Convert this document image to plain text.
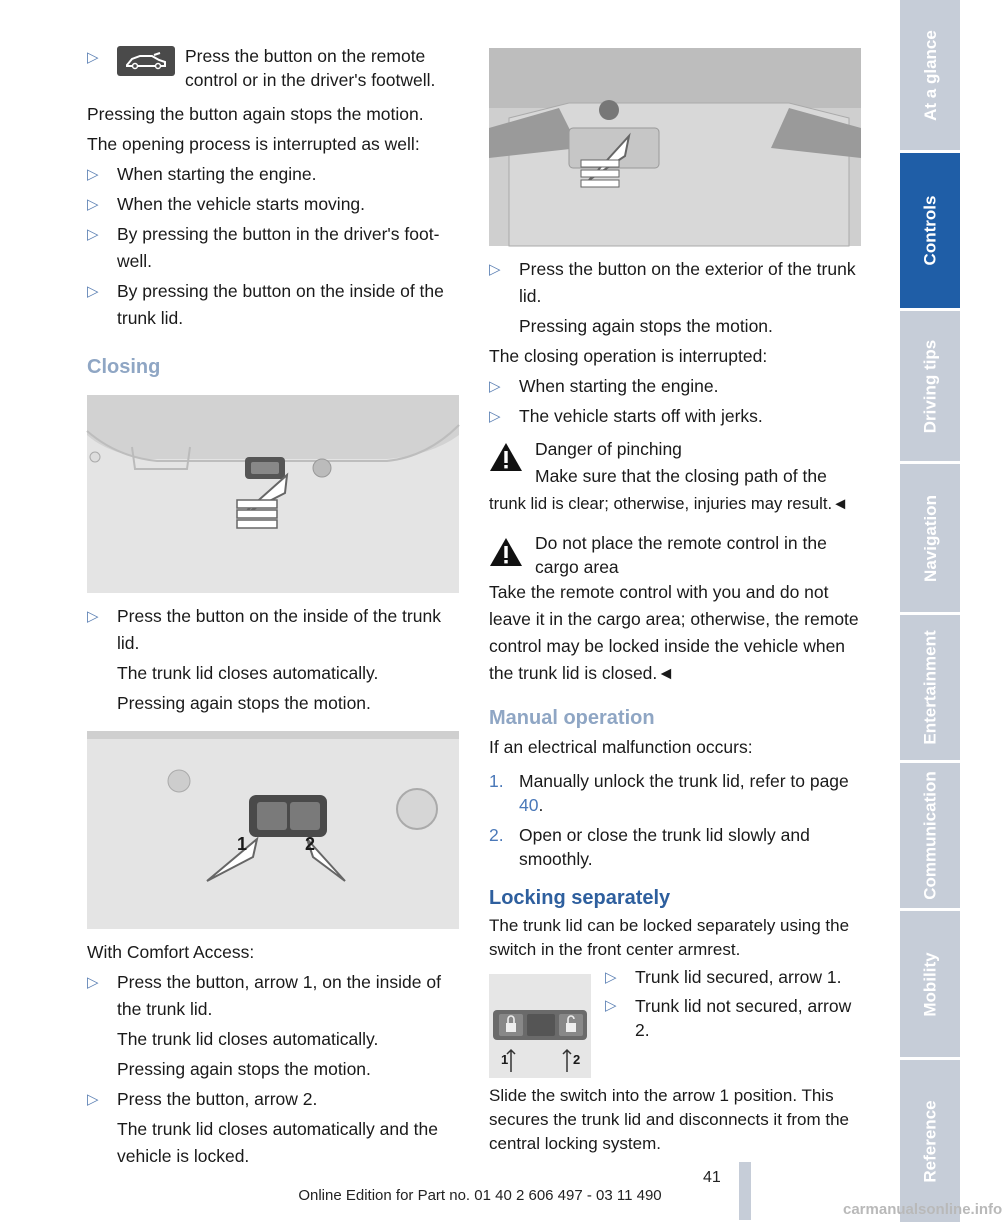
▷	Press the button on the remote control or in the driver's footwell.

Pressing the button again stops the motion.

The opening process is interrupted as well:

▷ When starting the engine.
▷ When the vehicle starts moving.
▷ By pressing the button in the driver's footwell.
▷ By pressing the button on the inside of the trunk lid.
Closing
▷ Press the button on the inside of the trunk lid.
The trunk lid closes automatically.
Pressing again stops the motion.
1	2

With Comfort Access:

▷ Press the button, arrow 1, on the inside of the trunk lid.
The trunk lid closes automatically.
Pressing again stops the motion.
▷ Press the button, arrow 2.
The trunk lid closes automatically and the vehicle is locked.
▷ Press the button on the exterior of the trunk lid.
Pressing again stops the motion.

The closing operation is interrupted:

▷ When starting the engine.
▷ The vehicle starts off with jerks.
Danger of pinching
Make sure that the closing path of the
trunk lid is clear; otherwise, injuries may result.◄
Do not place the remote control in the cargo area
Take the remote control with you and do not leave it in the cargo area; otherwise, the remote control may be locked inside the vehicle when the trunk lid is closed.◄
Manual operation

If an electrical malfunction occurs:

1. Manually unlock the trunk lid, refer to page 40.
2. Open or close the trunk lid slowly and smoothly.
Locking separately

The trunk lid can be locked separately using the switch in the front center armrest.

1	2
▷ Trunk lid secured, arrow 1.
▷ Trunk lid not secured, arrow 2.

Slide the switch into the arrow 1 position. This secures the trunk lid and disconnects it from the central locking system.

At a glance
Controls
Driving tips
Navigation
Entertainment
Communication
Mobility
Reference
41
Online Edition for Part no. 01 40 2 606 497 - 03 11 490
carmanualsonline.info
